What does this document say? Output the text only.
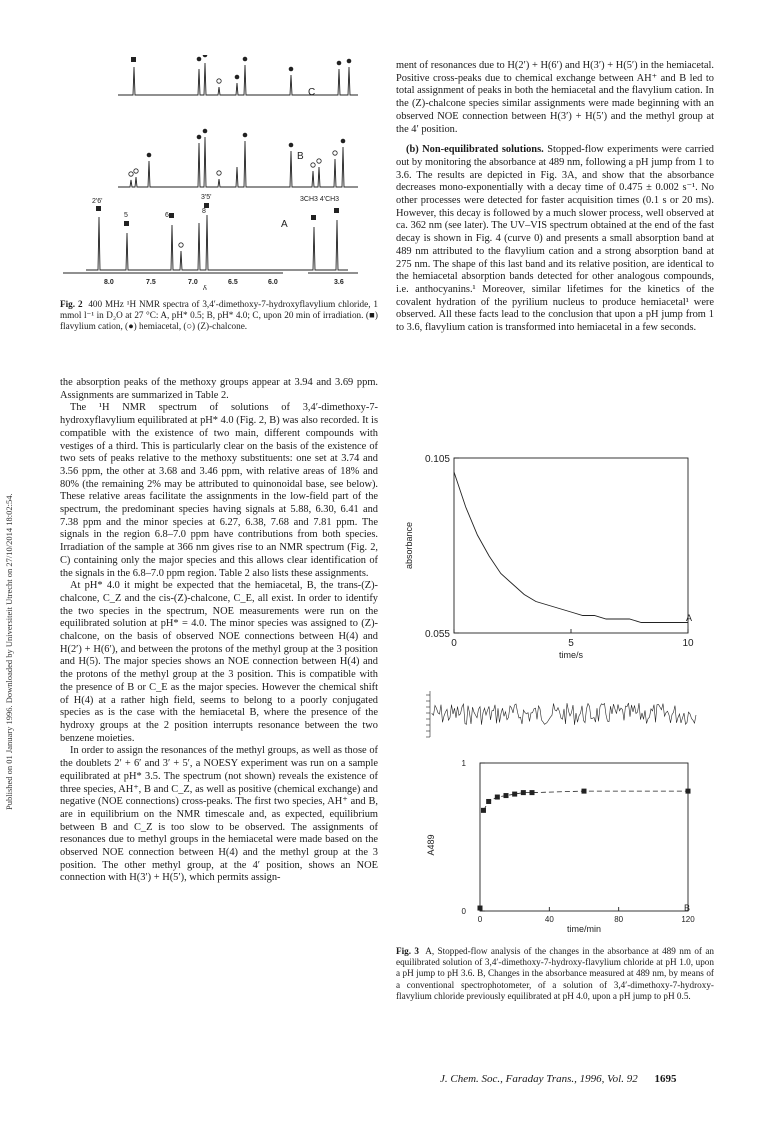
Published on 01 January 1996. Downloaded by Universiteit Utrecht on 27/10/2014 18:02:54.
C
B
A
2'6'
3'5'
5	6
8
3CH3 4'CH3
8.0	7.5	7.0	6.5	6.0	3.6
δ
Fig. 2 400 MHz ¹H NMR spectra of 3,4′-dimethoxy-7-hydroxyflavylium chloride, 1 mmol l⁻¹ in D₂O at 27 °C: A, pH* 0.5; B, pH* 4.0; C, upon 20 min of irradiation. (■) flavylium cation, (●) hemiacetal, (○) (Z)-chalcone.

the absorption peaks of the methoxy groups appear at 3.94 and 3.69 ppm. Assignments are summarized in Table 2.

The ¹H NMR spectrum of solutions of 3,4′-dimethoxy-7-hydroxyflavylium equilibrated at pH* 4.0 (Fig. 2, B) was also recorded. It is compatible with the existence of two main, different compounds with vestiges of a third. This is particularly clear on the basis of the existence of two sets of peaks relative to the methoxy substituents: one set at 3.74 and 3.56 ppm, the other at 3.68 and 3.46 ppm, with relative areas of 18% and 80% (the remaining 2% may be attributed to quinonoidal base, see below). These relative areas facilitate the assignments in the low-field part of the spectrum, the predominant species having signals at 5.88, 6.30, 6.41 and 7.38 ppm and the minor species at 6.27, 6.38, 7.68 and 7.81 ppm. The signals in the region 6.8–7.0 ppm have contributions from both species. Irradiation of the sample at 366 nm gives rise to an NMR spectrum (Fig. 2, C) containing only the major species and this allows clear identification of the signals in the 6.8–7.0 ppm region. Table 2 also lists these assignments.

At pH* 4.0 it might be expected that the hemiacetal, B, the trans-(Z)-chalcone, C_Z and the cis-(Z)-chalcone, C_E, all exist. In order to identify the two species in the spectrum, NOE measurements were run on the equilibrated solution at pH* = 4.0. The minor species was assigned to (Z)-chalcone, on the basis of observed NOE connections between H(4) and H(2′) + H(6′), and between the protons of the methyl group at the 3 position and H(5). The major species shows an NOE connection between H(4) and the protons of the methyl group at the 3 position. This is compatible with the presence of B or C_E as the major species. However the chemical shift of H(4) at a rather high field, seems to belong to a poorly conjugated species as is the case with the hemiacetal B, where the presence of the hydroxy groups at the 2 position interrupts resonance between the two benzene moieties.

In order to assign the resonances of the methyl groups, as well as those of the doublets 2′ + 6′ and 3′ + 5′, a NOESY experiment was run on a sample equilibrated at pH* 3.5. The spectrum (not shown) reveals the existence of three species, AH⁺, B and C_Z, as well as positive (chemical exchange) and negative (NOE connections) cross-peaks. The first two species, AH⁺ and B, are in equilibrium on the NMR timescale and, as expected, equilibrium between B and C_Z is too slow to be observed. The assignments of resonances due to methyl groups in the hemiacetal were made based on the observed NOE connection between H(4) and the methyl group at the 3 position. The other methyl group, at the 4′ position, shows an NOE connection with H(3′) + H(5′), which permits assign-

ment of resonances due to H(2′) + H(6′) and H(3′) + H(5′) in the hemiacetal. Positive cross-peaks due to chemical exchange between AH⁺ and B led to total assignment of peaks in both the hemiacetal and the flavylium cation. In the (Z)-chalcone species similar assignments were made beginning with an observed NOE connection between H(3′) + H(5′) and the methyl group at the 4′ position.

(b) Non-equilibrated solutions. Stopped-flow experiments were carried out by monitoring the absorbance at 489 nm, following a pH jump from 1 to 3.6. The results are depicted in Fig. 3A, and show that the absorbance decreases mono-exponentially with a decay time of 0.475 ± 0.002 s⁻¹. No other processes were detected for faster acquisition times (0.1 s or 20 ms). However, this decay is followed by a much slower process, well observed at ca. 362 nm (see later). The UV–VIS spectrum obtained at the end of the fast decay is shown in Fig. 4 (curve 0) and presents a small absorption band at 489 nm attributed to the flavylium cation and a strong absorption band at 275 nm. The shape of this last band and its relative position, are identical to the hemiacetal absorption bands detected for other analogous compounds, i.e. anthocyanins.¹ Moreover, similar lifetimes for the kinetics of the covalent hydration of the pyrilium nucleus to produce hemiacetal¹ were observed. All these facts lead to the conclusion that upon a pH jump from 1 to 3.6, flavylium cation is transformed into hemiacetal in a few seconds.

0	5	10
0.055
0.105
time/s
absorbance
A
0	40	80	120
0
1
time/min
A489
B
Fig. 3 A, Stopped-flow analysis of the changes in the absorbance at 489 nm of an equilibrated solution of 3,4′-dimethoxy-7-hydroxy-flavylium chloride at pH 1.0, upon a pH jump to pH 3.6. B, Changes in the absorbance measured at 489 nm, by means of a conventional spectrophotometer, of a solution of 3,4′-dimethoxy-7-hydroxy-flavylium chloride previously equilibrated at pH 4.0, upon a pH jump to pH 0.5.
J. Chem. Soc., Faraday Trans., 1996, Vol. 92 1695
